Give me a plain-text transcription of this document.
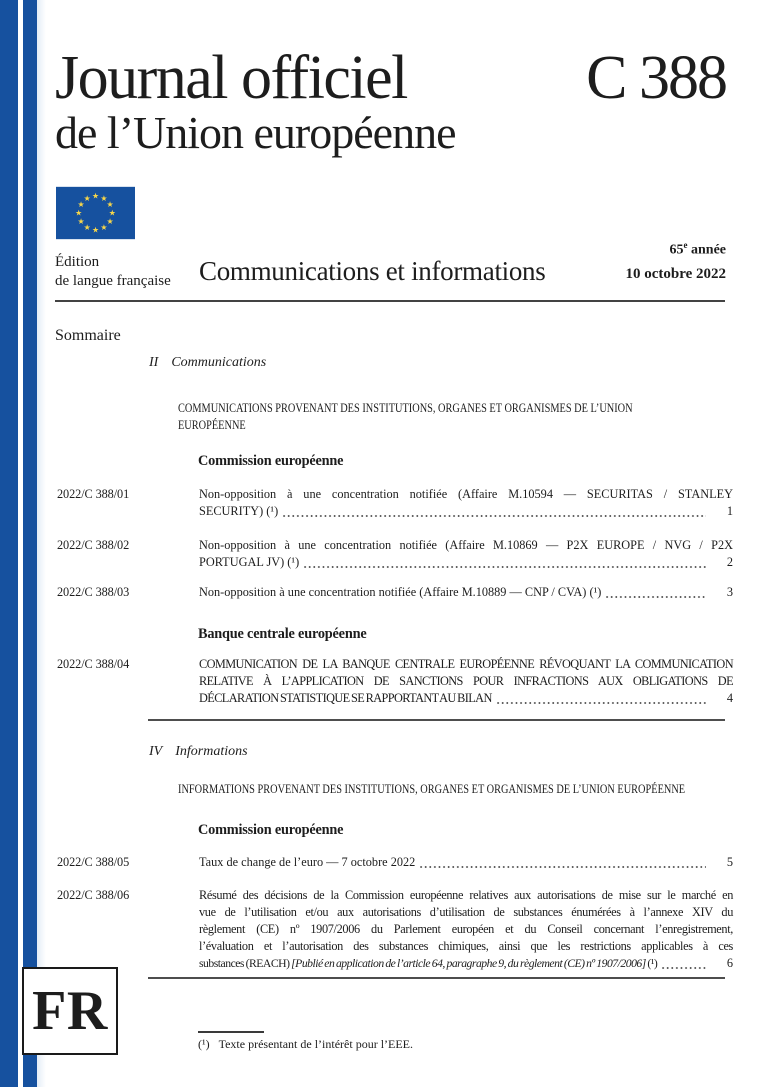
Journal officiel	C 388
de l’Union européenne
★ ★
★
★
★
★
★
★
★
★
★
★
Édition
de langue française Communications et informations
65e année
10 octobre 2022
Sommaire
II Communications
COMMUNICATIONS PROVENANT DES INSTITUTIONS, ORGANES ET ORGANISMES DE L’UNION
EUROPÉENNE
Commission européenne
2022/C 388/01	Non-opposition à une concentration notifiée (Affaire M.10594 — SECURITAS / STANLEY
SECURITY) (¹)	1
2022/C 388/02	Non-opposition à une concentration notifiée (Affaire M.10869 — P2X EUROPE / NVG / P2X
PORTUGAL JV) (¹)	2
2022/C 388/03	Non-opposition à une concentration notifiée (Affaire M.10889 — CNP / CVA) (¹)	3
Banque centrale européenne
2022/C 388/04	COMMUNICATION DE LA BANQUE CENTRALE EUROPÉENNE RÉVOQUANT LA COMMUNICATION
RELATIVE À L’APPLICATION DE SANCTIONS POUR INFRACTIONS AUX OBLIGATIONS DE
DÉCLARATION STATISTIQUE SE RAPPORTANT AU BILAN	4
IV Informations
INFORMATIONS PROVENANT DES INSTITUTIONS, ORGANES ET ORGANISMES DE L’UNION EUROPÉENNE
Commission européenne
2022/C 388/05	Taux de change de l’euro — 7 octobre 2022	5
2022/C 388/06	Résumé des décisions de la Commission européenne relatives aux autorisations de mise sur le marché en
vue de l’utilisation et/ou aux autorisations d’utilisation de substances énumérées à l’annexe XIV du
règlement (CE) nº 1907/2006 du Parlement européen et du Conseil concernant l’enregistrement,
l’évaluation et l’autorisation des substances chimiques, ainsi que les restrictions applicables à ces
substances (REACH) [Publié en application de l’article 64, paragraphe 9, du règlement (CE) nº 1907/2006] (¹)	6
FR
(¹) Texte présentant de l’intérêt pour l’EEE.
